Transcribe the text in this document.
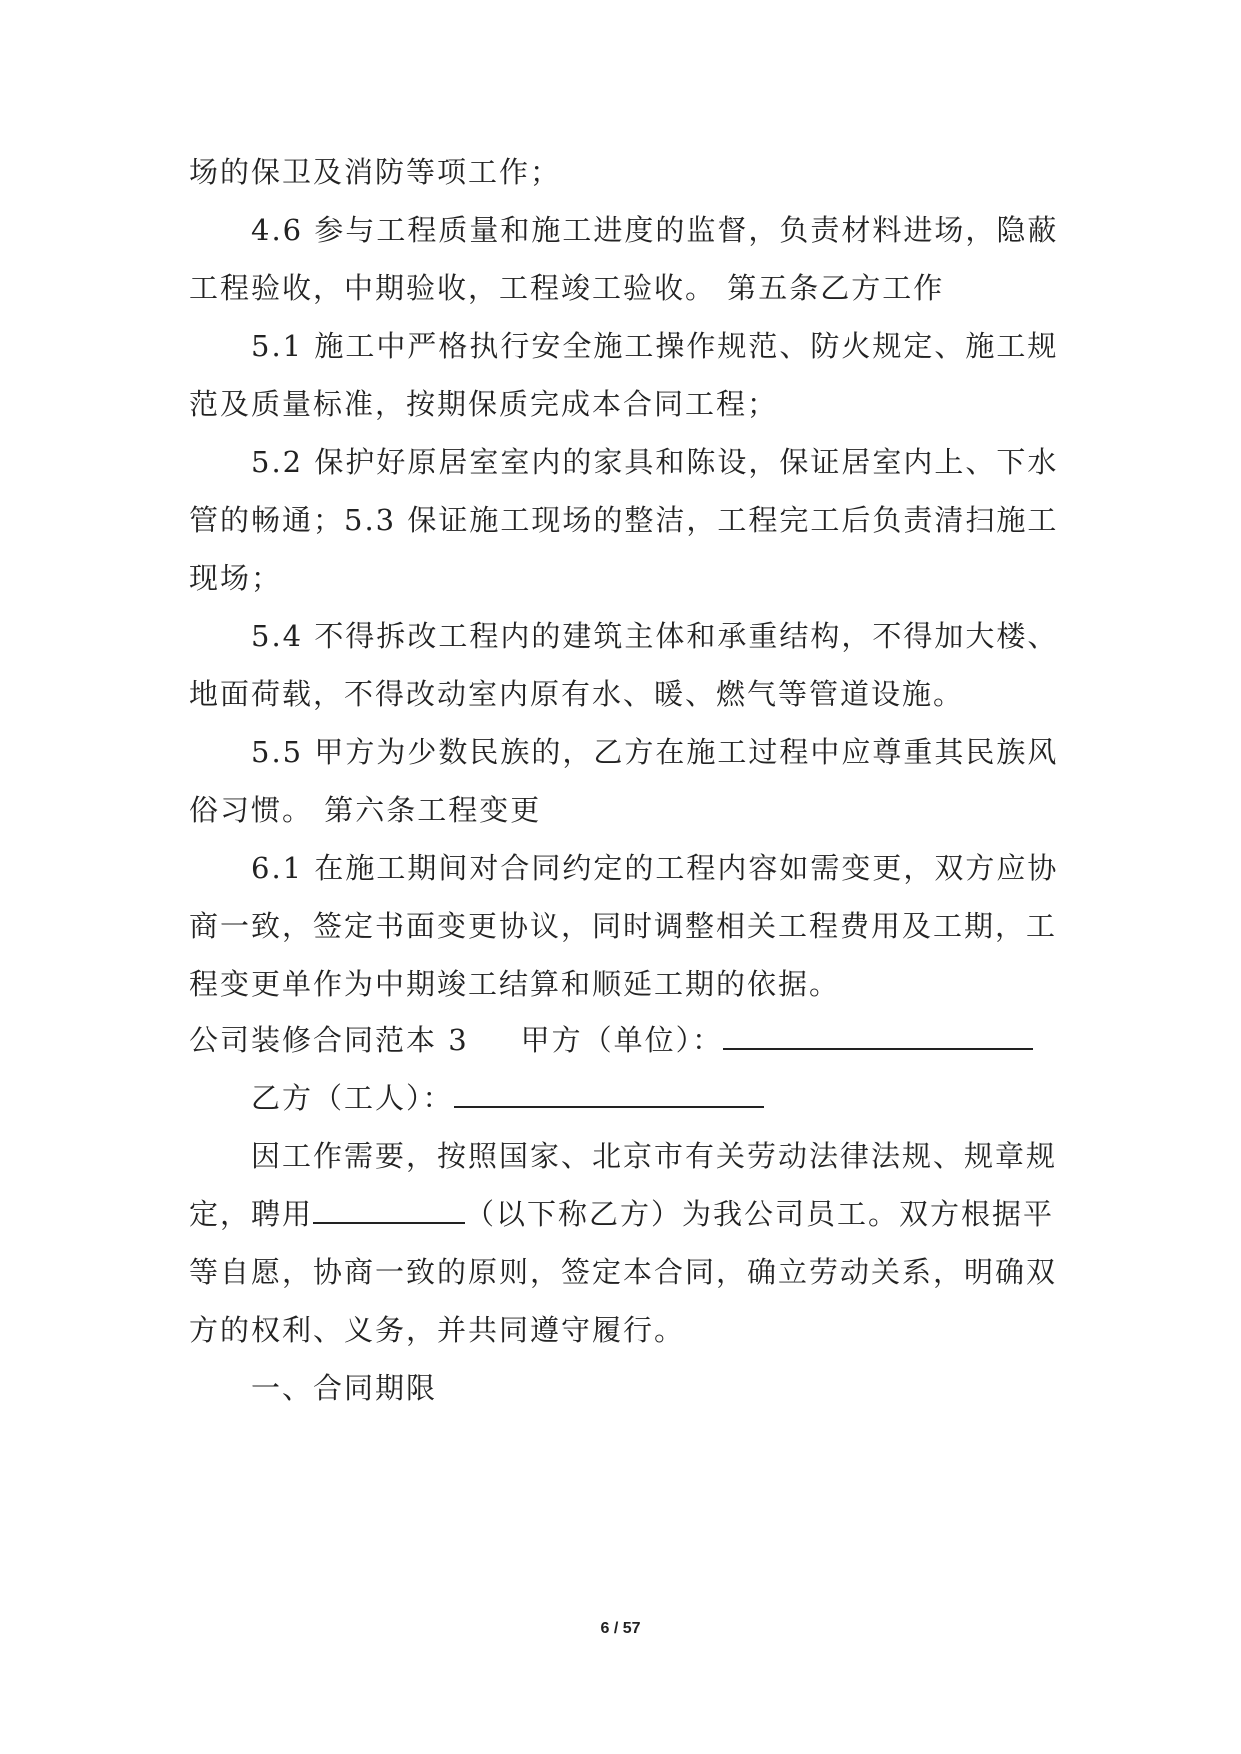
场的保卫及消防等项工作；
4.6 参与工程质量和施工进度的监督，负责材料进场，隐蔽
工程验收，中期验收，工程竣工验收。 第五条乙方工作
5.1 施工中严格执行安全施工操作规范、防火规定、施工规
范及质量标准，按期保质完成本合同工程；
5.2 保护好原居室室内的家具和陈设，保证居室内上、下水
管的畅通；5.3 保证施工现场的整洁，工程完工后负责清扫施工
现场；
5.4 不得拆改工程内的建筑主体和承重结构，不得加大楼、
地面荷载，不得改动室内原有水、暖、燃气等管道设施。
5.5 甲方为少数民族的，乙方在施工过程中应尊重其民族风
俗习惯。 第六条工程变更
6.1 在施工期间对合同约定的工程内容如需变更，双方应协
商一致，签定书面变更协议，同时调整相关工程费用及工期，工
程变更单作为中期竣工结算和顺延工期的依据。
公司装修合同范本 3 甲方（单位）：
乙方（工人）：
因工作需要，按照国家、北京市有关劳动法律法规、规章规
定，聘用	（以下称乙方）为我公司员工。双方根据平
等自愿，协商一致的原则，签定本合同，确立劳动关系，明确双
方的权利、义务，并共同遵守履行。
一、合同期限
6 / 57
